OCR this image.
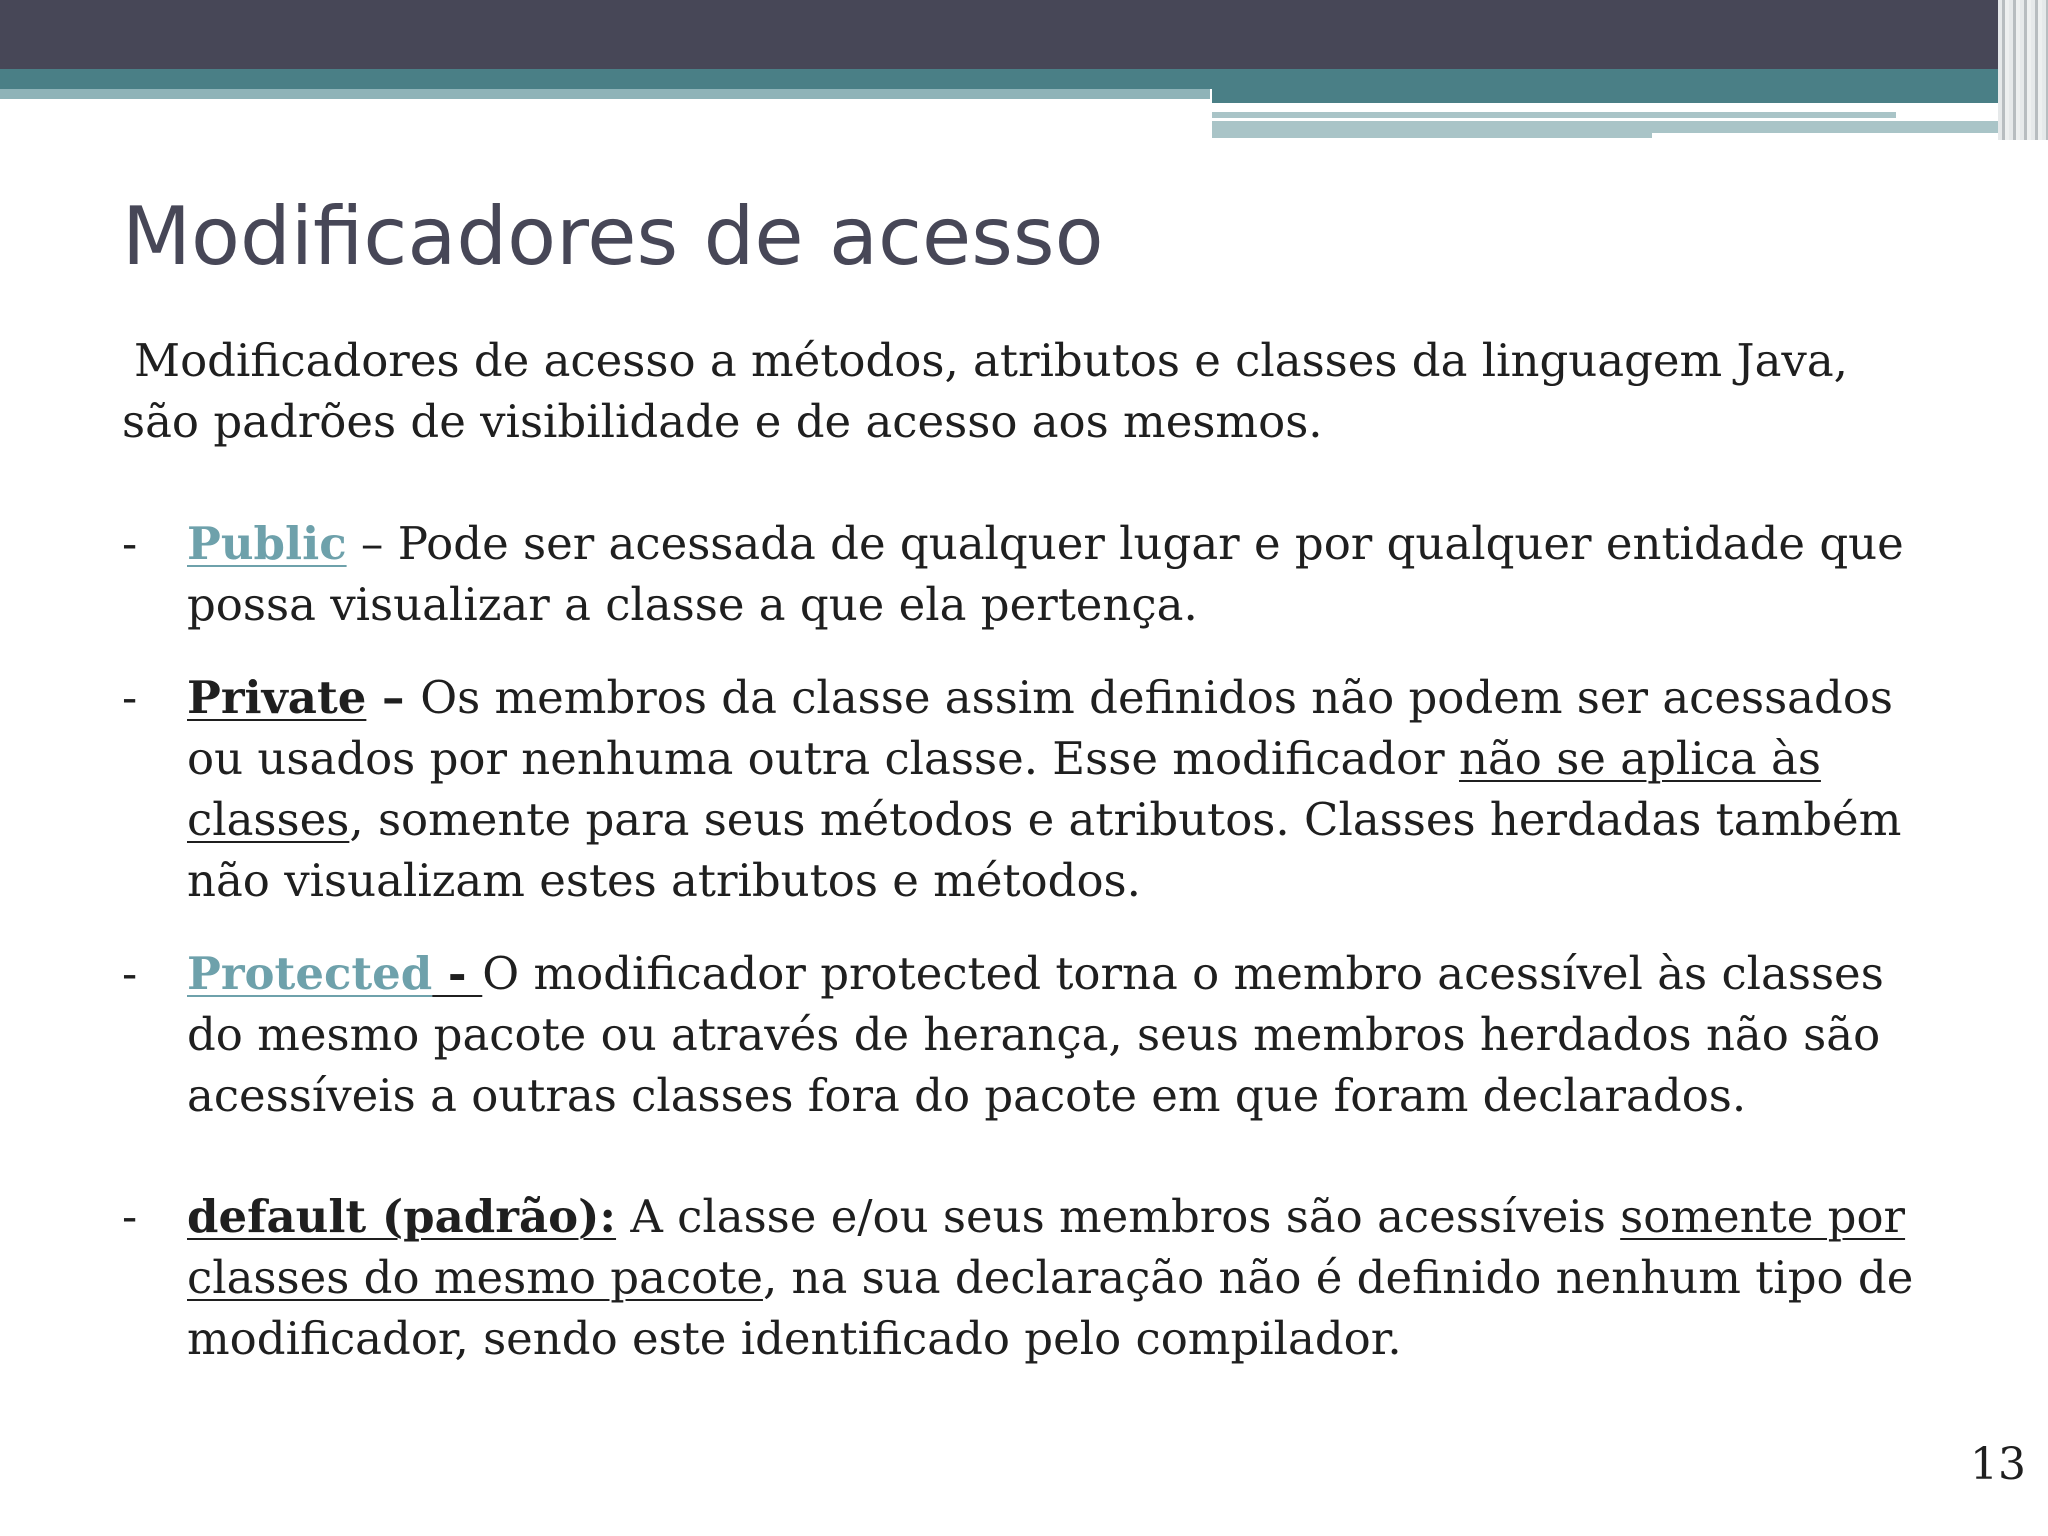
Modificadores de acesso

Modificadores de acesso a métodos, atributos e classes da linguagem Java, são padrões de visibilidade e de acesso aos mesmos.

- Public – Pode ser acessada de qualquer lugar e por qualquer entidade que possa visualizar a classe a que ela pertença.

- Private – Os membros da classe assim definidos não podem ser acessados ou usados por nenhuma outra classe. Esse modificador não se aplica às classes, somente para seus métodos e atributos. Classes herdadas também não visualizam estes atributos e métodos.

- Protected - O modificador protected torna o membro acessível às classes do mesmo pacote ou através de herança, seus membros herdados não são acessíveis a outras classes fora do pacote em que foram declarados.

- default (padrão): A classe e/ou seus membros são acessíveis somente por classes do mesmo pacote, na sua declaração não é definido nenhum tipo de modificador, sendo este identificado pelo compilador.

13
